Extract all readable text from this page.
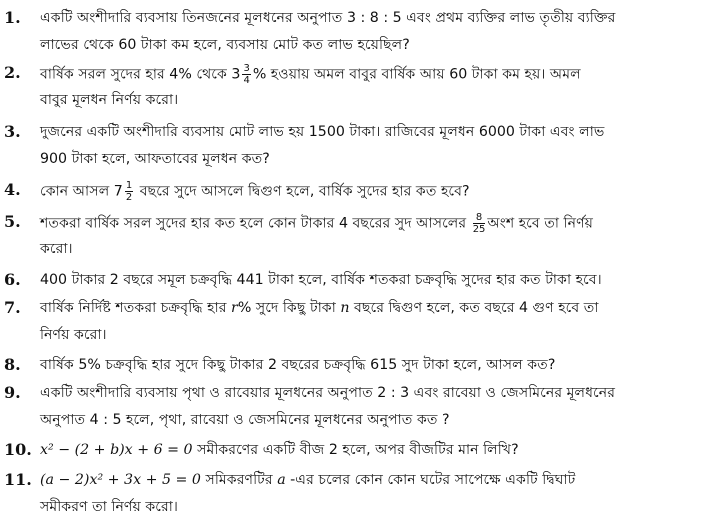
1. একটি অংশীদারি ব্যবসায় তিনজনের মূলধনের অনুপাত 3 : 8 : 5 এবং প্রথম ব্যক্তির লাভ তৃতীয় ব্যক্তির
লাভের থেকে 60 টাকা কম হলে, ব্যবসায় মোট কত লাভ হয়েছিল?
2. বার্ষিক সরল সুদের হার 4% থেকে $3 \frac{3}{4}$ % হওয়ায় অমল বাবুর বার্ষিক আয় 60 টাকা কম হয়। অমল
বাবুর মূলধন নির্ণয় করো।
3. দুজনের একটি অংশীদারি ব্যবসায় মোট লাভ হয় 1500 টাকা। রাজিবের মূলধন 6000 টাকা এবং লাভ
900 টাকা হলে, আফতাবের মূলধন কত?
4. কোন আসল $7 \frac{1}{2}$ বছরে সুদে আসলে দ্বিগুণ হলে, বার্ষিক সুদের হার কত হবে?
5. শতকরা বার্ষিক সরল সুদের হার কত হলে কোন টাকার 4 বছরের সুদ আসলের $\frac{8}{25}$ অংশ হবে তা নির্ণয়
করো।
6. 400 টাকার 2 বছরে সমূল চক্রবৃদ্ধি 441 টাকা হলে, বার্ষিক শতকরা চক্রবৃদ্ধি সুদের হার কত টাকা হবে।
7. বার্ষিক নির্দিষ্ট শতকরা চক্রবৃদ্ধি হার r% সুদে কিছু টাকা n বছরে দ্বিগুণ হলে, কত বছরে 4 গুণ হবে তা
নির্ণয় করো।
8. বার্ষিক 5% চক্রবৃদ্ধি হার সুদে কিছু টাকার 2 বছরের চক্রবৃদ্ধি 615 সুদ টাকা হলে, আসল কত?
9. একটি অংশীদারি ব্যবসায় পৃথা ও রাবেয়ার মূলধনের অনুপাত 2 : 3 এবং রাবেয়া ও জেসমিনের মূলধনের
অনুপাত 4 : 5 হলে, পৃথা, রাবেয়া ও জেসমিনের মূলধনের অনুপাত কত ?
10. x² − (2 + b)x + 6 = 0 সমীকরণের একটি বীজ 2 হলে, অপর বীজটির মান লিখি?
11. (a − 2)x² + 3x + 5 = 0 সমিকরণটির a -এর চলের কোন কোন ঘটের সাপেক্ষে একটি দ্বিঘাট
সমীকরণ তা নির্ণয় করো।
